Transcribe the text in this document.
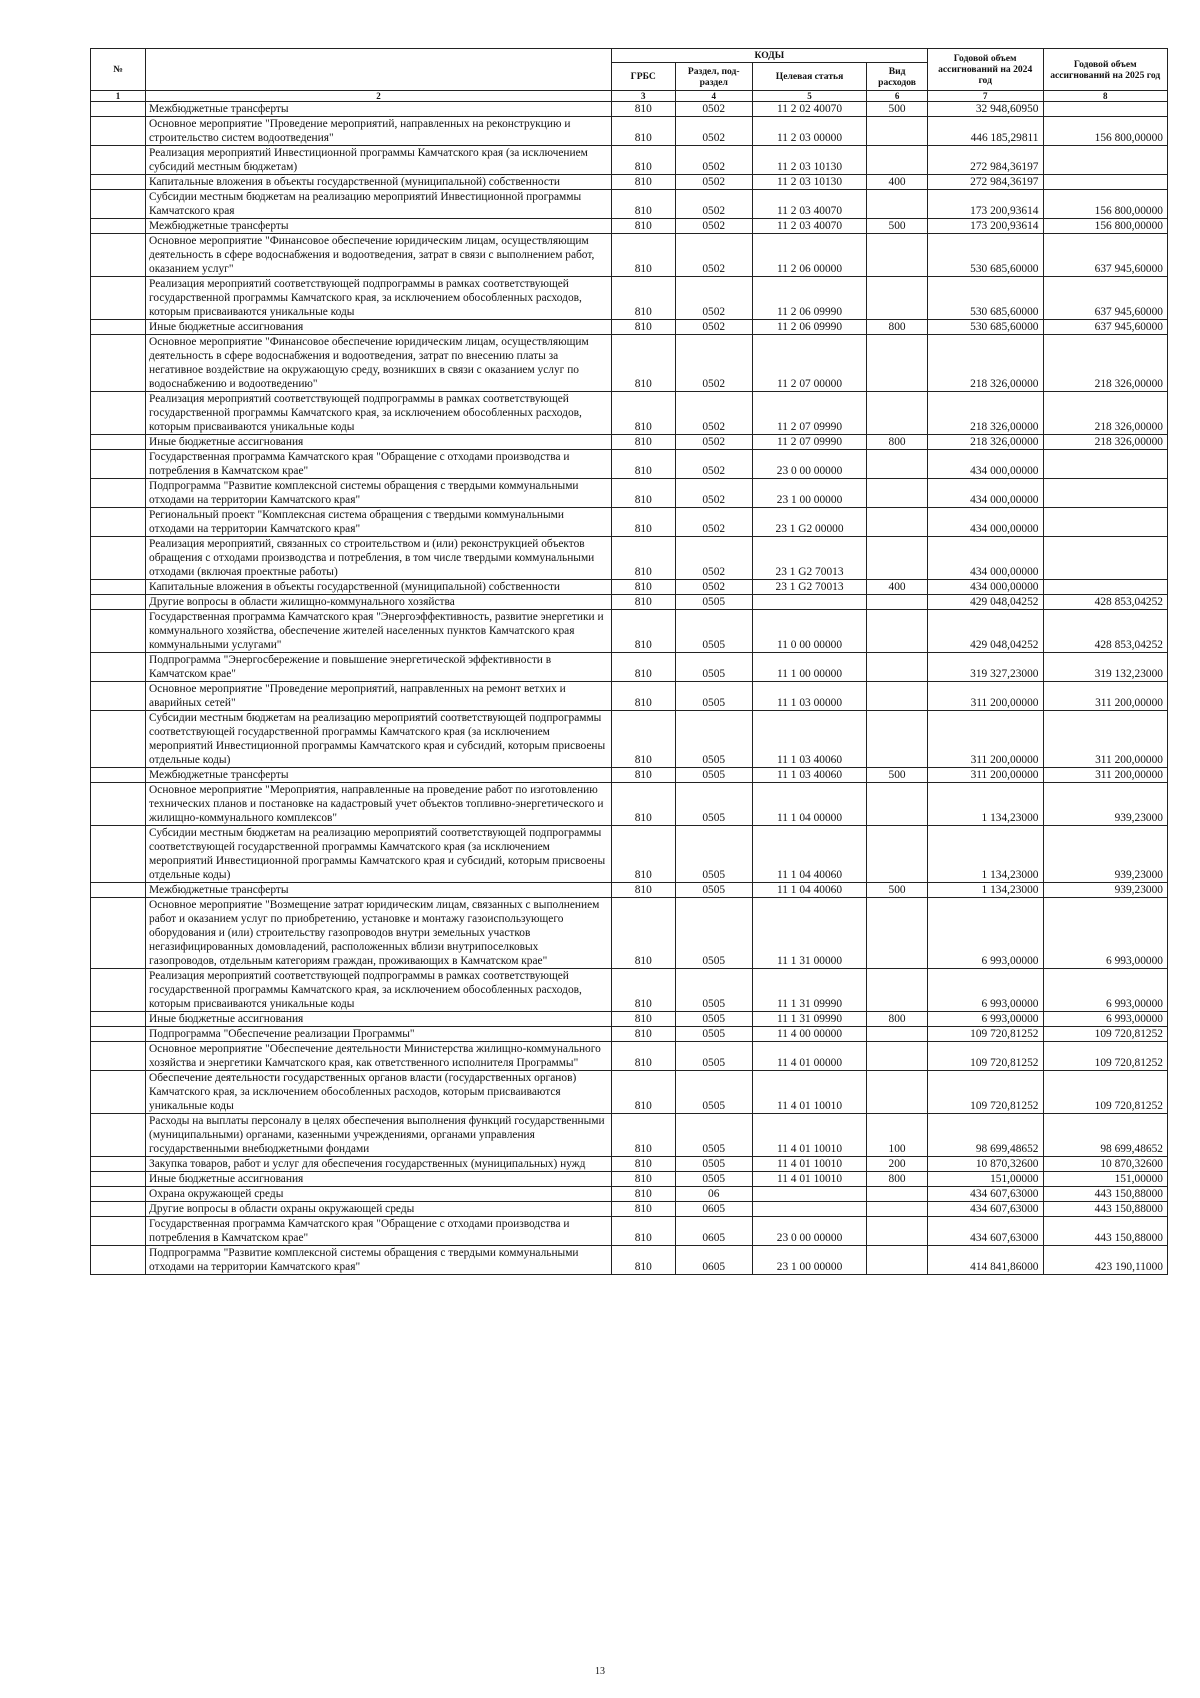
№		КОДЫ				Годовой объем ассигнований на 2024 год	Годовой объем ассигнований на 2025 год
		ГРБС	Раздел, под-раздел	Целевая статья	Вид расходов		
1	2	3	4	5	6	7	8
	Межбюджетные трансферты	810	0502	11 2 02 40070	500	32 948,60950	
	Основное мероприятие "Проведение мероприятий, направленных на реконструкцию и строительство систем водоотведения"	810	0502	11 2 03 00000		446 185,29811	156 800,00000
	Реализация мероприятий Инвестиционной программы Камчатского края (за исключением субсидий местным бюджетам)	810	0502	11 2 03 10130		272 984,36197	
	Капитальные вложения в объекты государственной (муниципальной) собственности	810	0502	11 2 03 10130	400	272 984,36197	
	Субсидии местным бюджетам на реализацию мероприятий Инвестиционной программы Камчатского края	810	0502	11 2 03 40070		173 200,93614	156 800,00000
	Межбюджетные трансферты	810	0502	11 2 03 40070	500	173 200,93614	156 800,00000
	Основное мероприятие "Финансовое обеспечение юридическим лицам, осуществляющим деятельность в сфере водоснабжения и водоотведения, затрат в связи с выполнением работ, оказанием услуг"	810	0502	11 2 06 00000		530 685,60000	637 945,60000
	Реализация мероприятий соответствующей подпрограммы в рамках соответствующей государственной программы Камчатского края, за исключением обособленных расходов, которым присваиваются уникальные коды	810	0502	11 2 06 09990		530 685,60000	637 945,60000
	Иные бюджетные ассигнования	810	0502	11 2 06 09990	800	530 685,60000	637 945,60000
	Основное мероприятие "Финансовое обеспечение юридическим лицам, осуществляющим деятельность в сфере водоснабжения и водоотведения, затрат по внесению платы за негативное воздействие на окружающую среду, возникших в связи с оказанием услуг по водоснабжению и водоотведению"	810	0502	11 2 07 00000		218 326,00000	218 326,00000
	Реализация мероприятий соответствующей подпрограммы в рамках соответствующей государственной программы Камчатского края, за исключением обособленных расходов, которым присваиваются уникальные коды	810	0502	11 2 07 09990		218 326,00000	218 326,00000
	Иные бюджетные ассигнования	810	0502	11 2 07 09990	800	218 326,00000	218 326,00000
	Государственная программа Камчатского края "Обращение с отходами производства и потребления в Камчатском крае"	810	0502	23 0 00 00000		434 000,00000	
	Подпрограмма "Развитие комплексной системы обращения с твердыми коммунальными отходами на территории Камчатского края"	810	0502	23 1 00 00000		434 000,00000	
	Региональный проект "Комплексная система обращения с твердыми коммунальными отходами на территории Камчатского края"	810	0502	23 1 G2 00000		434 000,00000	
	Реализация мероприятий, связанных со строительством и (или) реконструкцией объектов обращения с отходами производства и потребления, в том числе твердыми коммунальными отходами (включая проектные работы)	810	0502	23 1 G2 70013		434 000,00000	
	Капитальные вложения в объекты государственной (муниципальной) собственности	810	0502	23 1 G2 70013	400	434 000,00000	
	Другие вопросы в области жилищно-коммунального хозяйства	810	0505			429 048,04252	428 853,04252
	Государственная программа Камчатского края "Энергоэффективность, развитие энергетики и коммунального хозяйства, обеспечение жителей населенных пунктов Камчатского края коммунальными услугами"	810	0505	11 0 00 00000		429 048,04252	428 853,04252
	Подпрограмма "Энергосбережение и повышение энергетической эффективности в Камчатском крае"	810	0505	11 1 00 00000		319 327,23000	319 132,23000
	Основное мероприятие "Проведение мероприятий, направленных на ремонт ветхих и аварийных сетей"	810	0505	11 1 03 00000		311 200,00000	311 200,00000
	Субсидии местным бюджетам на реализацию мероприятий соответствующей подпрограммы соответствующей государственной программы Камчатского края (за исключением мероприятий Инвестиционной программы Камчатского края и субсидий, которым присвоены отдельные коды)	810	0505	11 1 03 40060		311 200,00000	311 200,00000
	Межбюджетные трансферты	810	0505	11 1 03 40060	500	311 200,00000	311 200,00000
	Основное мероприятие "Мероприятия, направленные на проведение работ по изготовлению технических планов и постановке на кадастровый учет объектов топливно-энергетического и жилищно-коммунального комплексов"	810	0505	11 1 04 00000		1 134,23000	939,23000
	Субсидии местным бюджетам на реализацию мероприятий соответствующей подпрограммы соответствующей государственной программы Камчатского края (за исключением мероприятий Инвестиционной программы Камчатского края и субсидий, которым присвоены отдельные коды)	810	0505	11 1 04 40060		1 134,23000	939,23000
	Межбюджетные трансферты	810	0505	11 1 04 40060	500	1 134,23000	939,23000
	Основное мероприятие "Возмещение затрат юридическим лицам, связанных с выполнением работ и оказанием услуг по приобретению, установке и монтажу газоиспользующего оборудования и (или) строительству газопроводов внутри земельных участков негазифицированных домовладений, расположенных вблизи внутрипоселковых газопроводов, отдельным категориям граждан, проживающих в Камчатском крае"	810	0505	11 1 31 00000		6 993,00000	6 993,00000
	Реализация мероприятий соответствующей подпрограммы в рамках соответствующей государственной программы Камчатского края, за исключением обособленных расходов, которым присваиваются уникальные коды	810	0505	11 1 31 09990		6 993,00000	6 993,00000
	Иные бюджетные ассигнования	810	0505	11 1 31 09990	800	6 993,00000	6 993,00000
	Подпрограмма "Обеспечение реализации Программы"	810	0505	11 4 00 00000		109 720,81252	109 720,81252
	Основное мероприятие "Обеспечение деятельности Министерства жилищно-коммунального хозяйства и энергетики Камчатского края, как ответственного исполнителя Программы"	810	0505	11 4 01 00000		109 720,81252	109 720,81252
	Обеспечение деятельности государственных органов власти (государственных органов) Камчатского края, за исключением обособленных расходов, которым присваиваются уникальные коды	810	0505	11 4 01 10010		109 720,81252	109 720,81252
	Расходы на выплаты персоналу в целях обеспечения выполнения функций государственными (муниципальными) органами, казенными учреждениями, органами управления государственными внебюджетными фондами	810	0505	11 4 01 10010	100	98 699,48652	98 699,48652
	Закупка товаров, работ и услуг для обеспечения государственных (муниципальных) нужд	810	0505	11 4 01 10010	200	10 870,32600	10 870,32600
	Иные бюджетные ассигнования	810	0505	11 4 01 10010	800	151,00000	151,00000
	Охрана окружающей среды	810	06			434 607,63000	443 150,88000
	Другие вопросы в области охраны окружающей среды	810	0605			434 607,63000	443 150,88000
	Государственная программа Камчатского края "Обращение с отходами производства и потребления в Камчатском крае"	810	0605	23 0 00 00000		434 607,63000	443 150,88000
	Подпрограмма "Развитие комплексной системы обращения с твердыми коммунальными отходами на территории Камчатского края"	810	0605	23 1 00 00000		414 841,86000	423 190,11000
13
